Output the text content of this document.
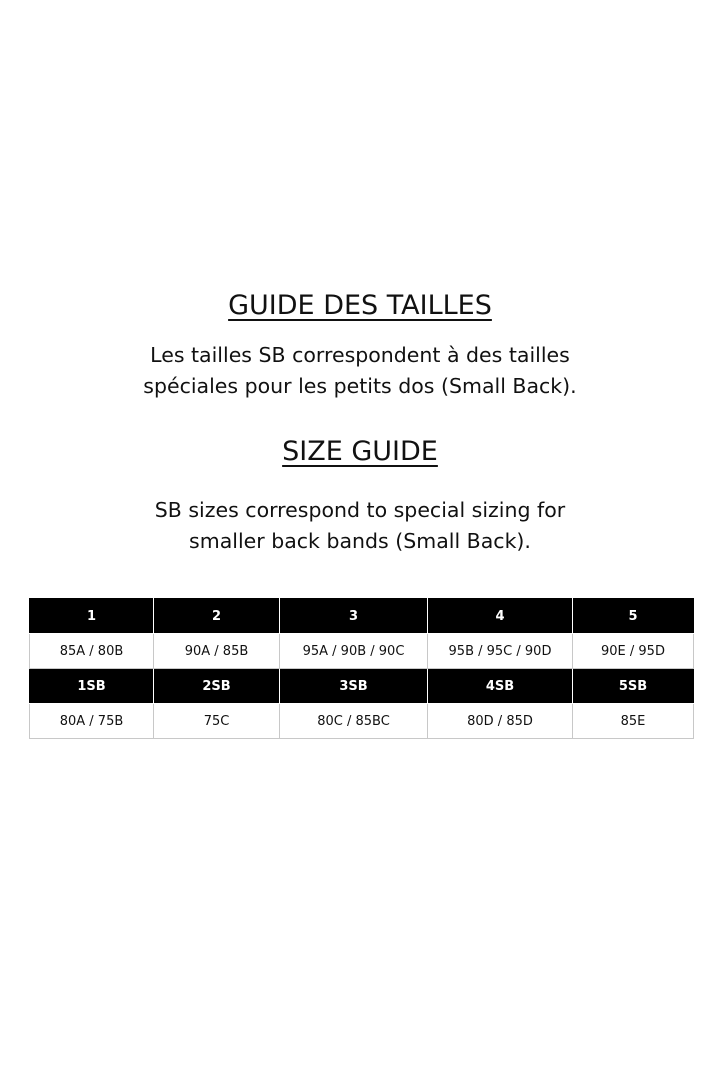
GUIDE DES TAILLES

Les tailles SB correspondent à des tailles
spéciales pour les petits dos (Small Back).

SIZE GUIDE

SB sizes correspond to special sizing for
smaller back bands (Small Back).

1	2	3	4	5
85A / 80B	90A / 85B	95A / 90B / 90C	95B / 95C / 90D	90E / 95D
1SB	2SB	3SB	4SB	5SB
80A / 75B	75C	80C / 85BC	80D / 85D	85E
